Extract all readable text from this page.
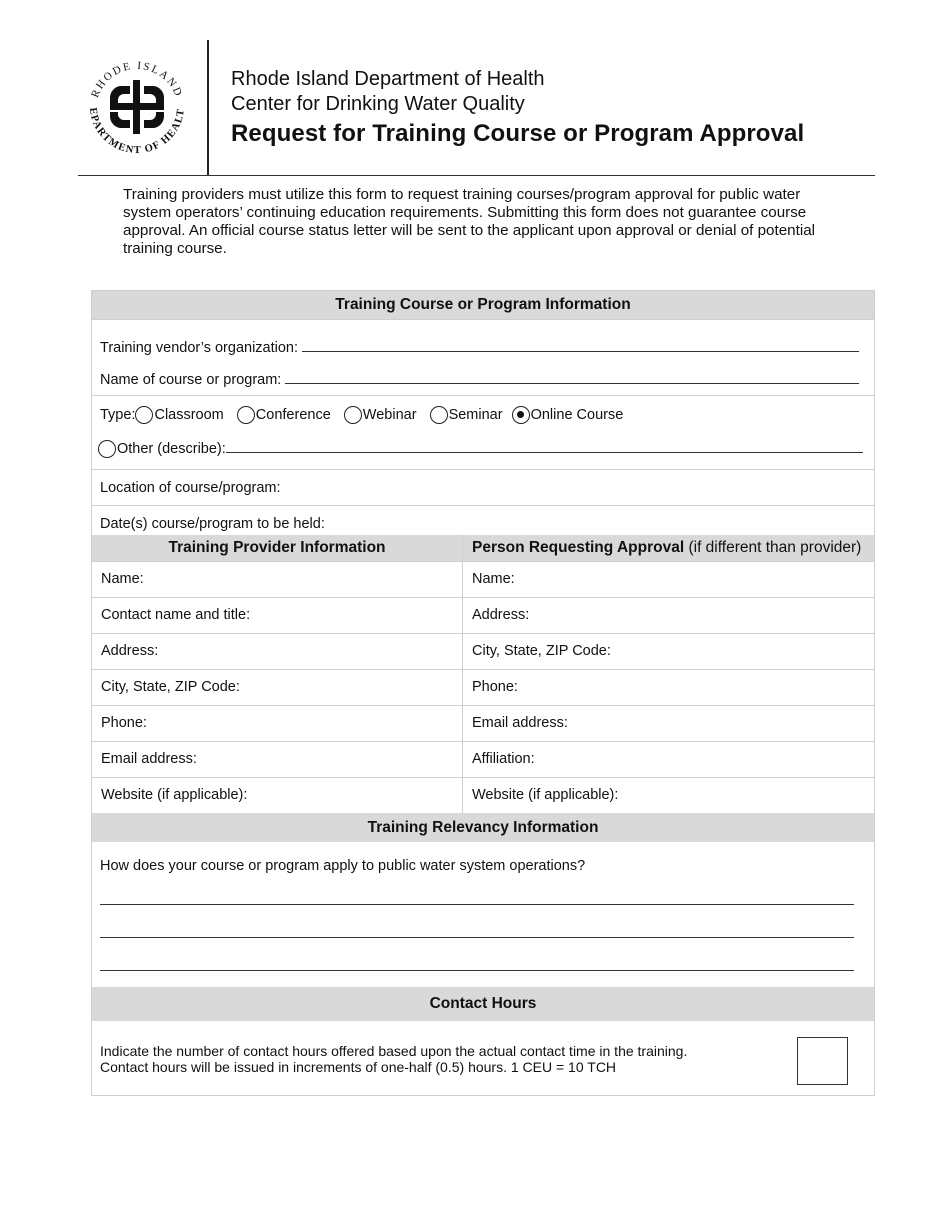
RHODE ISLAND
EPARTMENT OF HEALT
Rhode Island Department of Health
Center for Drinking Water Quality
Request for Training Course or Program Approval
Training providers must utilize this form to request training courses/program approval for public water system operators’ continuing education requirements. Submitting this form does not guarantee course approval. An official course status letter will be sent to the applicant upon approval or denial of potential training course.
Training Course or Program Information
Training vendor’s organization:
Name of course or program:
Type: Classroom Conference Webinar Seminar Online Course
Other (describe):
Location of course/program:
Date(s) course/program to be held:
Training Provider Information	Person Requesting Approval (if different than provider)
Name:	Name:
Contact name and title:	Address:
Address:	City, State, ZIP Code:
City, State, ZIP Code:	Phone:
Phone:	Email address:
Email address:	Affiliation:
Website (if applicable):	Website (if applicable):
Training Relevancy Information
How does your course or program apply to public water system operations?
Contact Hours
Indicate the number of contact hours offered based upon the actual contact time in the training.
Contact hours will be issued in increments of one-half (0.5) hours. 1 CEU = 10 TCH
